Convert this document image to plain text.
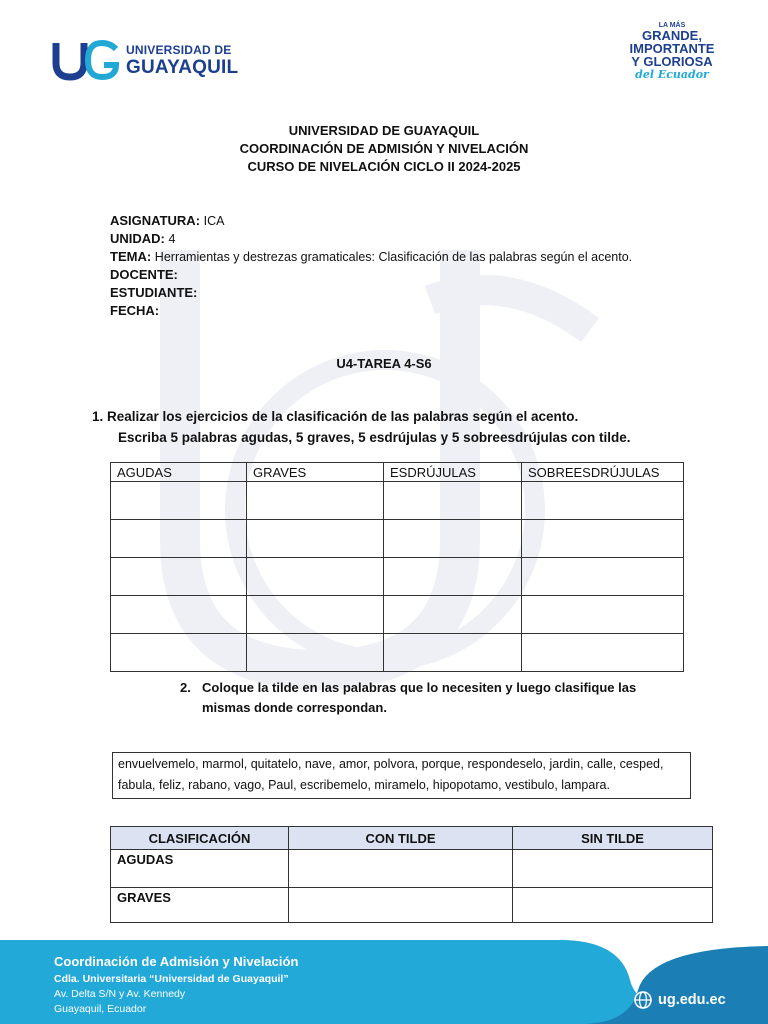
UNIVERSIDAD DE
GUAYAQUIL
LA MÁS
GRANDE,
IMPORTANTE
Y GLORIOSA
del Ecuador
UNIVERSIDAD DE GUAYAQUIL
COORDINACIÓN DE ADMISIÓN Y NIVELACIÓN
CURSO DE NIVELACIÓN CICLO II 2024-2025
ASIGNATURA: ICA
UNIDAD: 4
TEMA: Herramientas y destrezas gramaticales: Clasificación de las palabras según el acento.
DOCENTE:
ESTUDIANTE:
FECHA:
U4-TAREA 4-S6
1. Realizar los ejercicios de la clasificación de las palabras según el acento.
Escriba 5 palabras agudas, 5 graves, 5 esdrújulas y 5 sobreesdrújulas con tilde.
AGUDAS	GRAVES	ESDRÚJULAS	SOBREESDRÚJULAS

2. Coloque la tilde en las palabras que lo necesiten y luego clasifique las mismas donde correspondan.
envuelvemelo, marmol, quitatelo, nave, amor, polvora, porque, respondeselo, jardin, calle, cesped, fabula, feliz, rabano, vago, Paul, escribemelo, miramelo, hipopotamo, vestibulo, lampara.
CLASIFICACIÓN	CON TILDE	SIN TILDE
AGUDAS		
GRAVES		
Coordinación de Admisión y Nivelación
Cdla. Universitaria “Universidad de Guayaquil”
Av. Delta S/N y Av. Kennedy
Guayaquil, Ecuador
ug.edu.ec
